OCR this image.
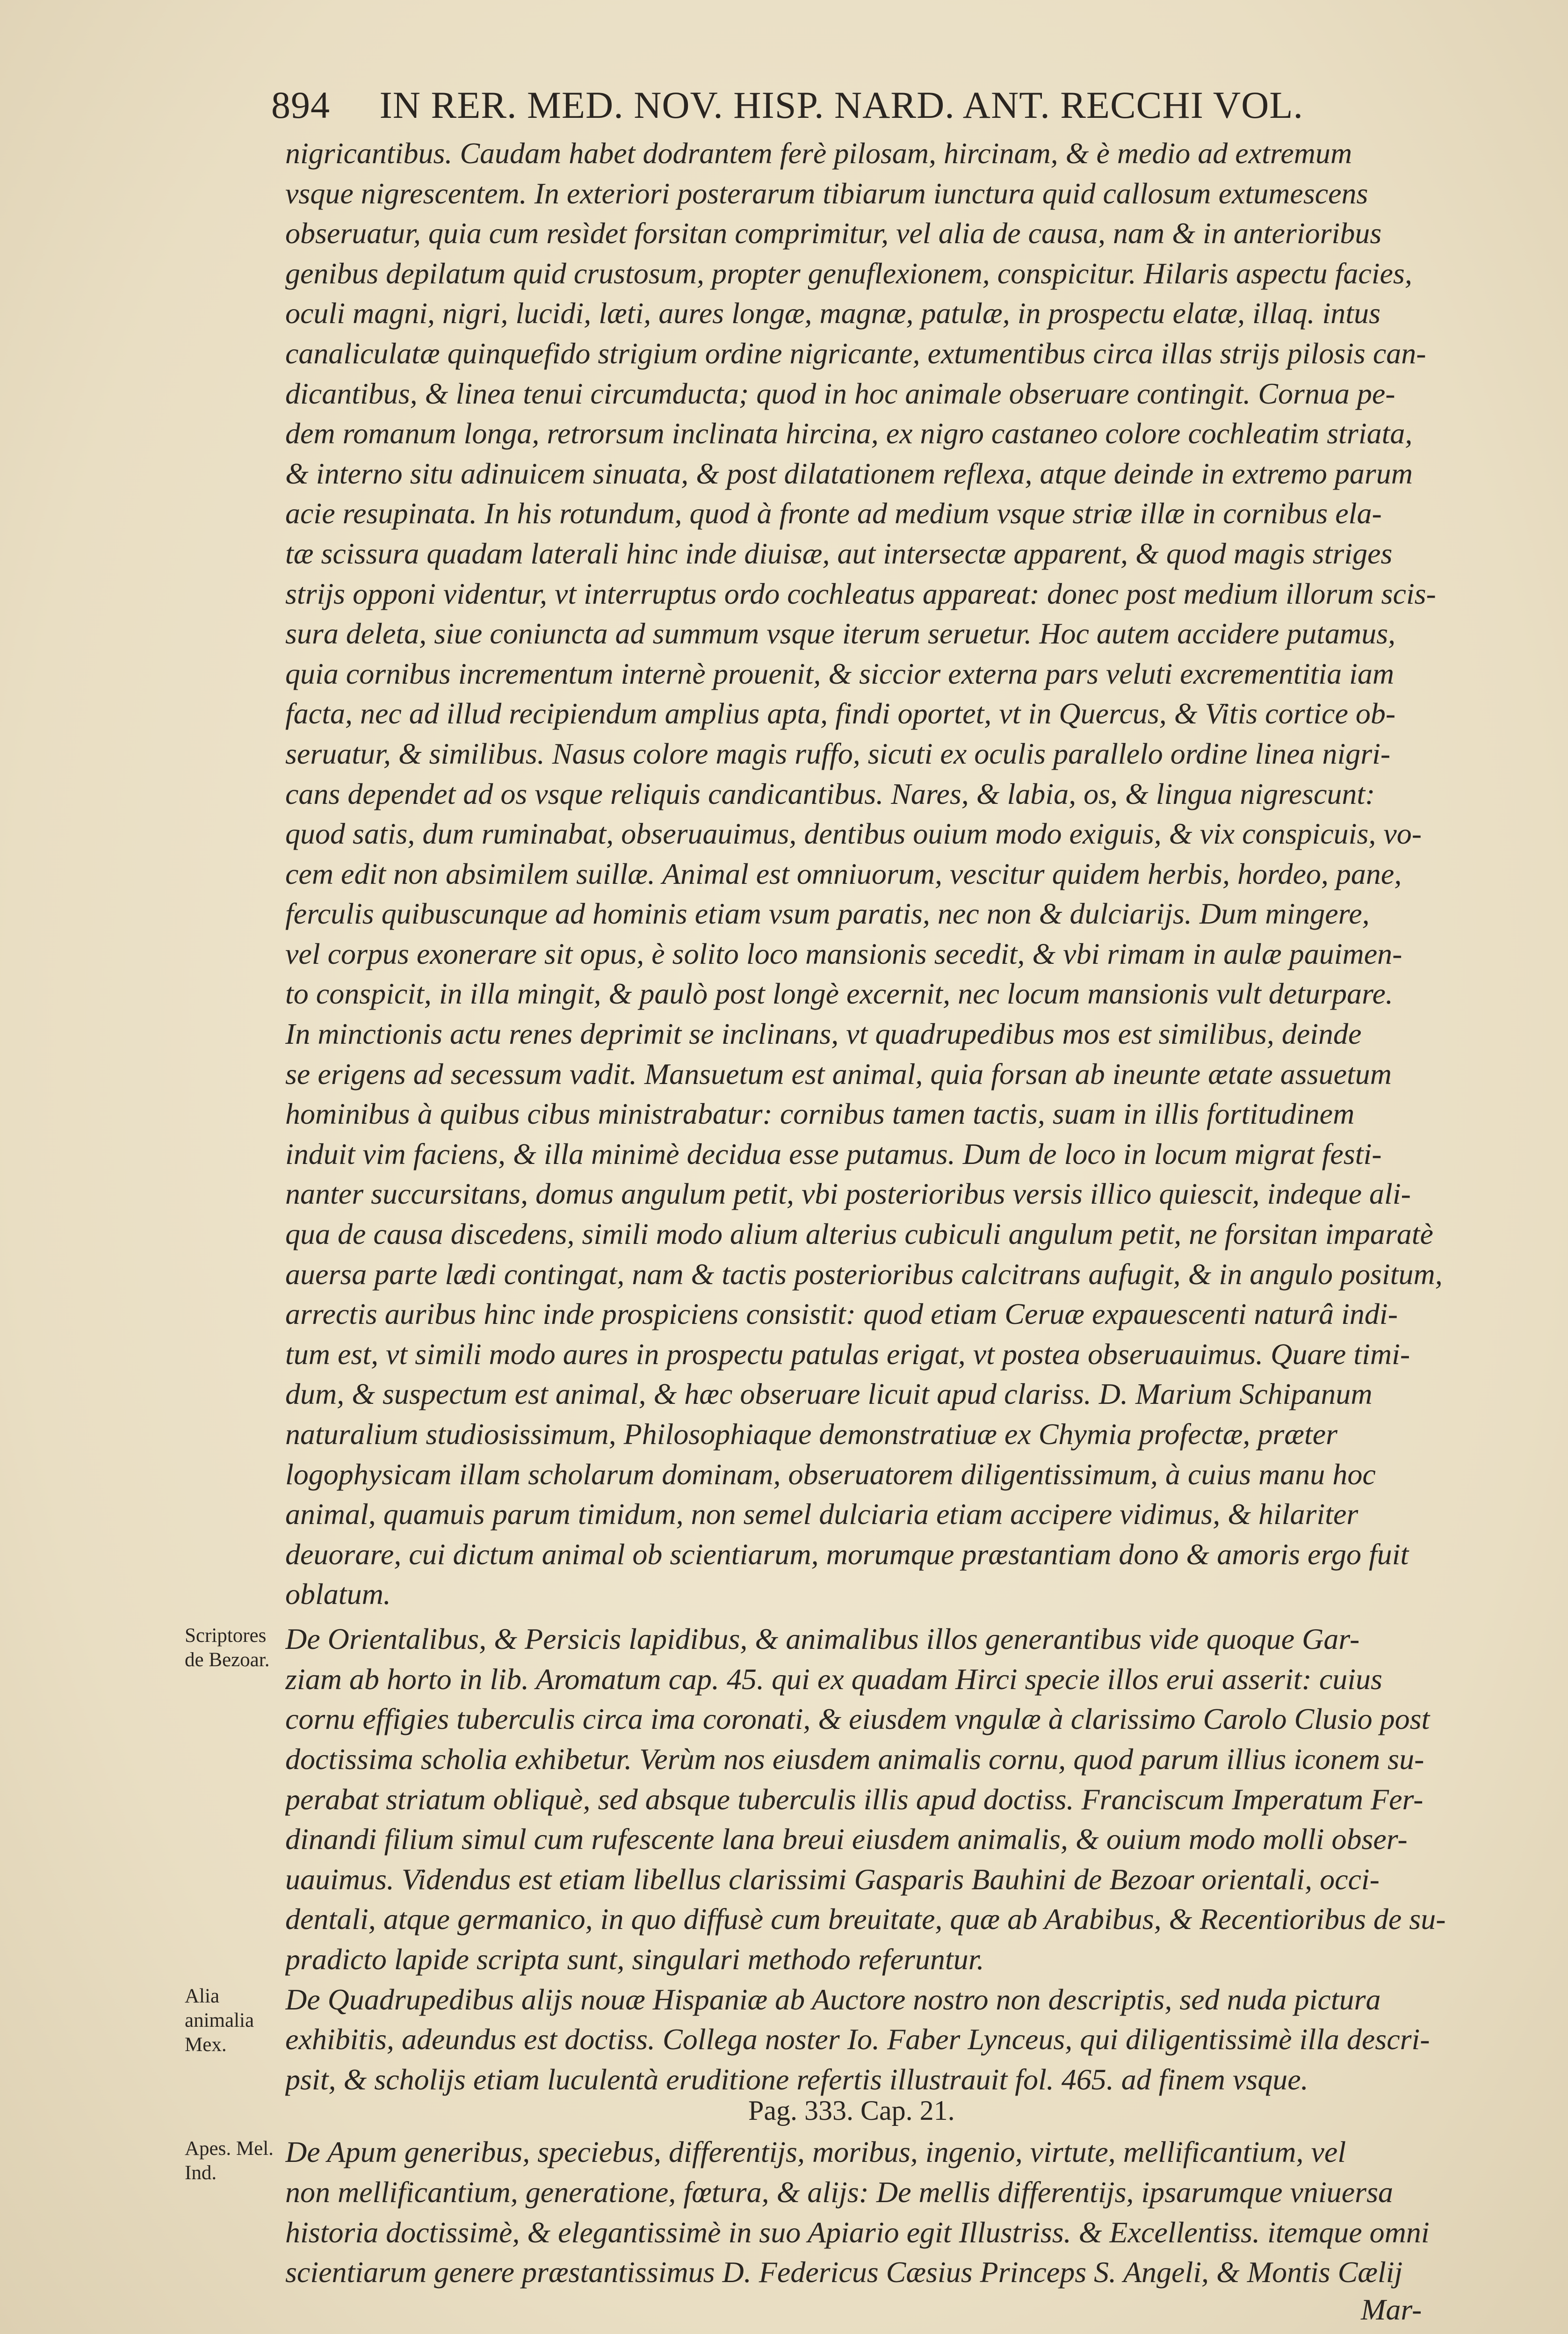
894 IN RER. MED. NOV. HISP. NARD. ANT. RECCHI VOL.
nigricantibus. Caudam habet dodrantem ferè pilosam, hircinam, & è medio ad extremum
vsque nigrescentem. In exteriori posterarum tibiarum iunctura quid callosum extumescens
obseruatur, quia cum resìdet forsitan comprimitur, vel alia de causa, nam & in anterioribus
genibus depilatum quid crustosum, propter genuflexionem, conspicitur. Hilaris aspectu facies,
oculi magni, nigri, lucidi, læti, aures longæ, magnæ, patulæ, in prospectu elatæ, illaq. intus
canaliculatæ quinquefido strigium ordine nigricante, extumentibus circa illas strijs pilosis can-
dicantibus, & linea tenui circumducta; quod in hoc animale obseruare contingit. Cornua pe-
dem romanum longa, retrorsum inclinata hircina, ex nigro castaneo colore cochleatim striata,
& interno situ adinuicem sinuata, & post dilatationem reflexa, atque deinde in extremo parum
acie resupinata. In his rotundum, quod à fronte ad medium vsque striæ illæ in cornibus ela-
tæ scissura quadam laterali hinc inde diuisæ, aut intersectæ apparent, & quod magis striges
strijs opponi videntur, vt interruptus ordo cochleatus appareat: donec post medium illorum scis-
sura deleta, siue coniuncta ad summum vsque iterum seruetur. Hoc autem accidere putamus,
quia cornibus incrementum internè prouenit, & siccior externa pars veluti excrementitia iam
facta, nec ad illud recipiendum amplius apta, findi oportet, vt in Quercus, & Vitis cortice ob-
seruatur, & similibus. Nasus colore magis ruffo, sicuti ex oculis parallelo ordine linea nigri-
cans dependet ad os vsque reliquis candicantibus. Nares, & labia, os, & lingua nigrescunt:
quod satis, dum ruminabat, obseruauimus, dentibus ouium modo exiguis, & vix conspicuis, vo-
cem edit non absimilem suillæ. Animal est omniuorum, vescitur quidem herbis, hordeo, pane,
ferculis quibuscunque ad hominis etiam vsum paratis, nec non & dulciarijs. Dum mingere,
vel corpus exonerare sit opus, è solito loco mansionis secedit, & vbi rimam in aulæ pauimen-
to conspicit, in illa mingit, & paulò post longè excernit, nec locum mansionis vult deturpare.
In minctionis actu renes deprimit se inclinans, vt quadrupedibus mos est similibus, deinde
se erigens ad secessum vadit. Mansuetum est animal, quia forsan ab ineunte ætate assuetum
hominibus à quibus cibus ministrabatur: cornibus tamen tactis, suam in illis fortitudinem
induit vim faciens, & illa minimè decidua esse putamus. Dum de loco in locum migrat festi-
nanter succursitans, domus angulum petit, vbi posterioribus versis illico quiescit, indeque ali-
qua de causa discedens, simili modo alium alterius cubiculi angulum petit, ne forsitan imparatè
auersa parte lædi contingat, nam & tactis posterioribus calcitrans aufugit, & in angulo positum,
arrectis auribus hinc inde prospiciens consistit: quod etiam Ceruæ expauescenti naturâ indi-
tum est, vt simili modo aures in prospectu patulas erigat, vt postea obseruauimus. Quare timi-
dum, & suspectum est animal, & hæc obseruare licuit apud clariss. D. Marium Schipanum
naturalium studiosissimum, Philosophiaque demonstratiuæ ex Chymia profectæ, præter
logophysicam illam scholarum dominam, obseruatorem diligentissimum, à cuius manu hoc
animal, quamuis parum timidum, non semel dulciaria etiam accipere vidimus, & hilariter
deuorare, cui dictum animal ob scientiarum, morumque præstantiam dono & amoris ergo fuit
oblatum.
De Orientalibus, & Persicis lapidibus, & animalibus illos generantibus vide quoque Gar-
ziam ab horto in lib. Aromatum cap. 45. qui ex quadam Hirci specie illos erui asserit: cuius
cornu effigies tuberculis circa ima coronati, & eiusdem vngulæ à clarissimo Carolo Clusio post
doctissima scholia exhibetur. Verùm nos eiusdem animalis cornu, quod parum illius iconem su-
perabat striatum obliquè, sed absque tuberculis illis apud doctiss. Franciscum Imperatum Fer-
dinandi filium simul cum rufescente lana breui eiusdem animalis, & ouium modo molli obser-
uauimus. Videndus est etiam libellus clarissimi Gasparis Bauhini de Bezoar orientali, occi-
dentali, atque germanico, in quo diffusè cum breuitate, quæ ab Arabibus, & Recentioribus de su-
pradicto lapide scripta sunt, singulari methodo referuntur.
De Quadrupedibus alijs nouæ Hispaniæ ab Auctore nostro non descriptis, sed nuda pictura
exhibitis, adeundus est doctiss. Collega noster Io. Faber Lynceus, qui diligentissimè illa descri-
psit, & scholijs etiam luculentà eruditione refertis illustrauit fol. 465. ad finem vsque.
Pag. 333. Cap. 21.
De Apum generibus, speciebus, differentijs, moribus, ingenio, virtute, mellificantium, vel
non mellificantium, generatione, fœtura, & alijs: De mellis differentijs, ipsarumque vniuersa
historia doctissimè, & elegantissimè in suo Apiario egit Illustriss. & Excellentiss. itemque omni
scientiarum genere præstantissimus D. Federicus Cæsius Princeps S. Angeli, & Montis Cælij
Mar-
Scriptores de Bezoar.
Alia animalia Mex.
Apes. Mel. Ind.
